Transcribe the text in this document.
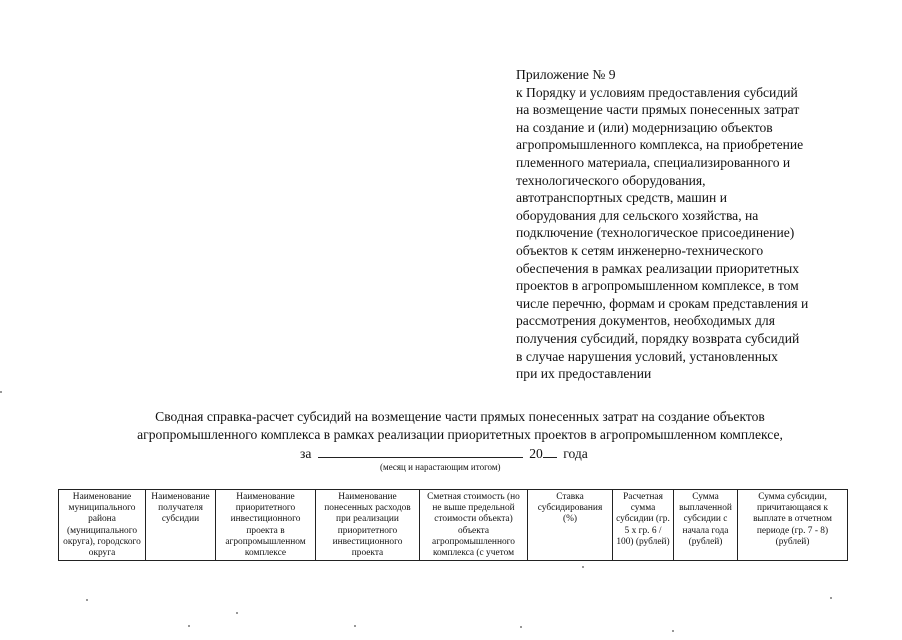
Приложение № 9
к Порядку и условиям предоставления субсидий
на возмещение части прямых понесенных затрат
на создание и (или) модернизацию объектов
агропромышленного комплекса, на приобретение
племенного материала, специализированного и
технологического оборудования,
автотранспортных средств, машин и
оборудования для сельского хозяйства, на
подключение (технологическое присоединение)
объектов к сетям инженерно-технического
обеспечения в рамках реализации приоритетных
проектов в агропромышленном комплексе, в том
числе перечню, формам и срокам представления и
рассмотрения документов, необходимых для
получения субсидий, порядку возврата субсидий
в случае нарушения условий, установленных
при их предоставлении
Сводная справка-расчет субсидий на возмещение части прямых понесенных затрат на создание объектов
агропромышленного комплекса в рамках реализации приоритетных проектов в агропромышленном комплексе,
за	20 года
(месяц и нарастающим итогом)
Наименование муниципального района (муниципального округа), городского округа	Наименование получателя субсидии	Наименование приоритетного инвестиционного проекта в агропромышленном комплексе	Наименование понесенных расходов при реализации приоритетного инвестиционного проекта	Сметная стоимость (но не выше предельной стоимости объекта) объекта агропромышленного комплекса (с учетом	Ставка субсидирования (%)	Расчетная сумма субсидии (гр. 5 х гр. 6 / 100) (рублей)	Сумма выплаченной субсидии с начала года (рублей)	Сумма субсидии, причитающаяся к выплате в отчетном периоде (гр. 7 - 8) (рублей)
